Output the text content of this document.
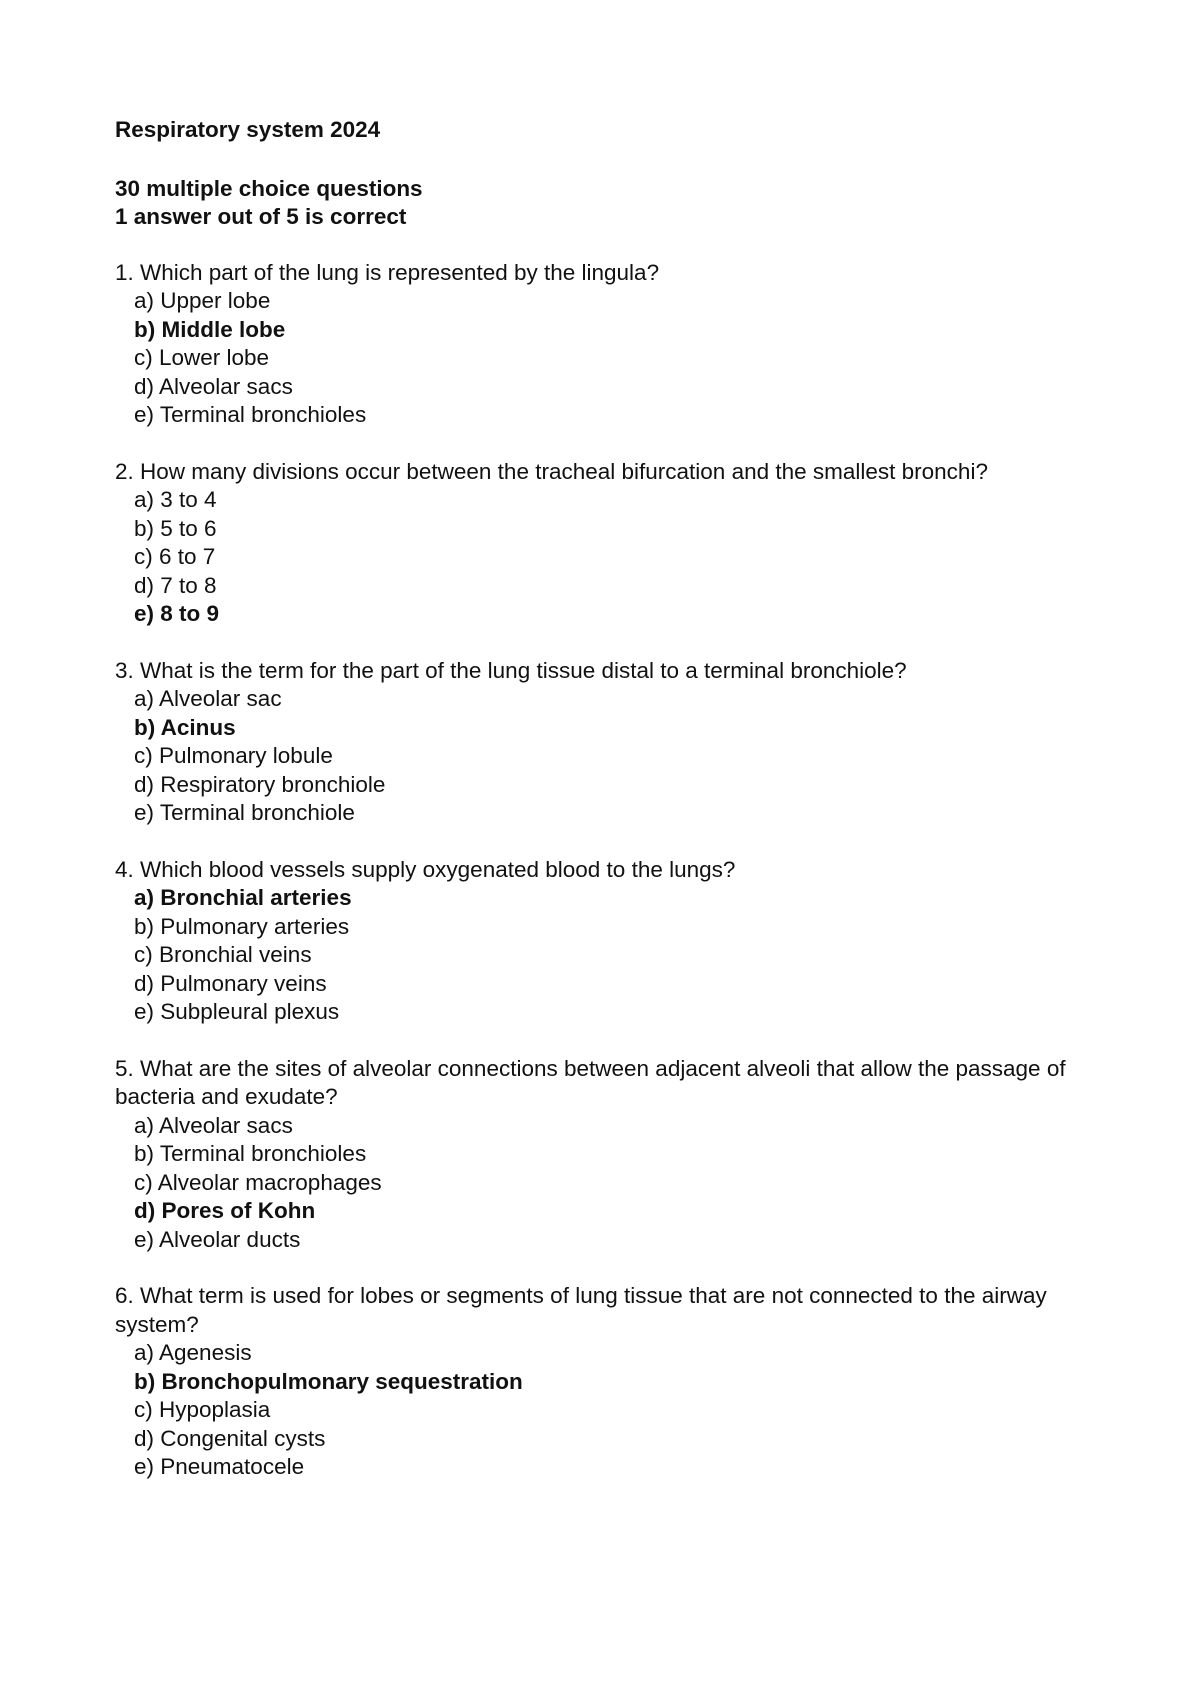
Respiratory system 2024
30 multiple choice questions
1 answer out of 5 is correct
1. Which part of the lung is represented by the lingula?
a) Upper lobe
b) Middle lobe
c) Lower lobe
d) Alveolar sacs
e) Terminal bronchioles
2. How many divisions occur between the tracheal bifurcation and the smallest bronchi?
a) 3 to 4
b) 5 to 6
c) 6 to 7
d) 7 to 8
e) 8 to 9
3. What is the term for the part of the lung tissue distal to a terminal bronchiole?
a) Alveolar sac
b) Acinus
c) Pulmonary lobule
d) Respiratory bronchiole
e) Terminal bronchiole
4. Which blood vessels supply oxygenated blood to the lungs?
a) Bronchial arteries
b) Pulmonary arteries
c) Bronchial veins
d) Pulmonary veins
e) Subpleural plexus
5. What are the sites of alveolar connections between adjacent alveoli that allow the passage of bacteria and exudate?
a) Alveolar sacs
b) Terminal bronchioles
c) Alveolar macrophages
d) Pores of Kohn
e) Alveolar ducts
6. What term is used for lobes or segments of lung tissue that are not connected to the airway system?
a) Agenesis
b) Bronchopulmonary sequestration
c) Hypoplasia
d) Congenital cysts
e) Pneumatocele
